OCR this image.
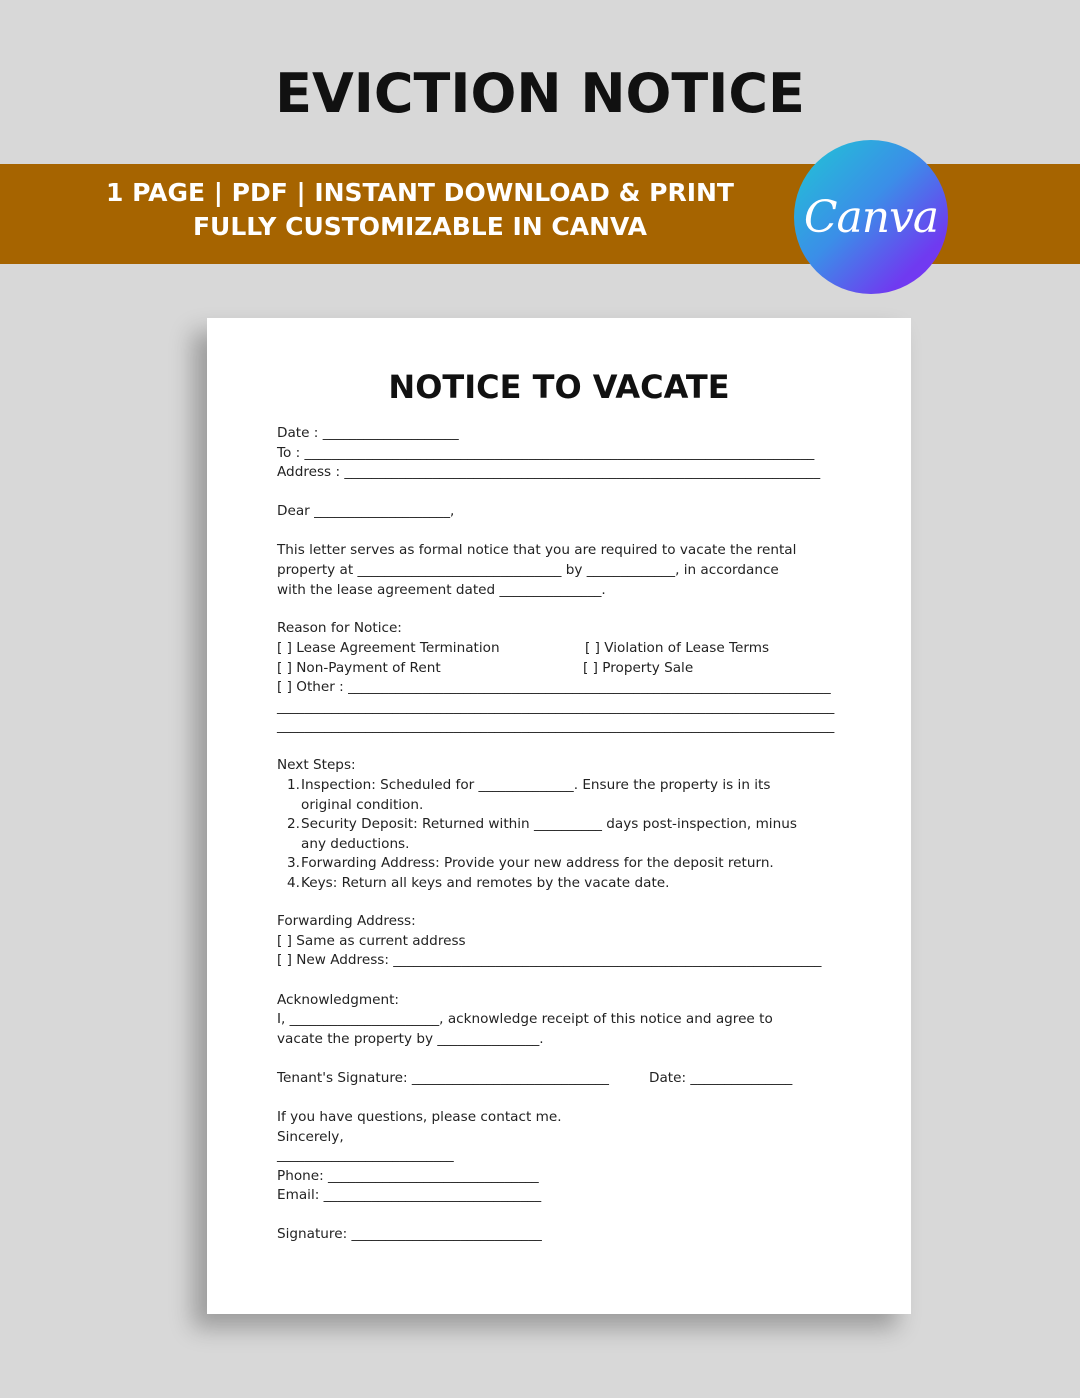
EVICTION NOTICE
1 PAGE | PDF | INSTANT DOWNLOAD & PRINT
FULLY CUSTOMIZABLE IN CANVA	Canva
NOTICE TO VACATE
Date : ____________________
To : ___________________________________________________________________________
Address : ______________________________________________________________________
Dear ____________________,
This letter serves as formal notice that you are required to vacate the rental
property at ______________________________ by _____________, in accordance
with the lease agreement dated _______________.
Reason for Notice:
[ ] Lease Agreement Termination	[ ] Violation of Lease Terms
[ ] Non-Payment of Rent	[ ] Property Sale
[ ] Other : _______________________________________________________________________
__________________________________________________________________________________
__________________________________________________________________________________
Next Steps:
1.Inspection: Scheduled for ______________. Ensure the property is in its
original condition.
2.Security Deposit: Returned within __________ days post-inspection, minus
any deductions.
3.Forwarding Address: Provide your new address for the deposit return.
4.Keys: Return all keys and remotes by the vacate date.
Forwarding Address:
[ ] Same as current address
[ ] New Address: _______________________________________________________________
Acknowledgment:
I, ______________________, acknowledge receipt of this notice and agree to
vacate the property by _______________.
Tenant's Signature: _____________________________	Date: _______________
If you have questions, please contact me.
Sincerely,
__________________________
Phone: _______________________________
Email: ________________________________
Signature: ____________________________
